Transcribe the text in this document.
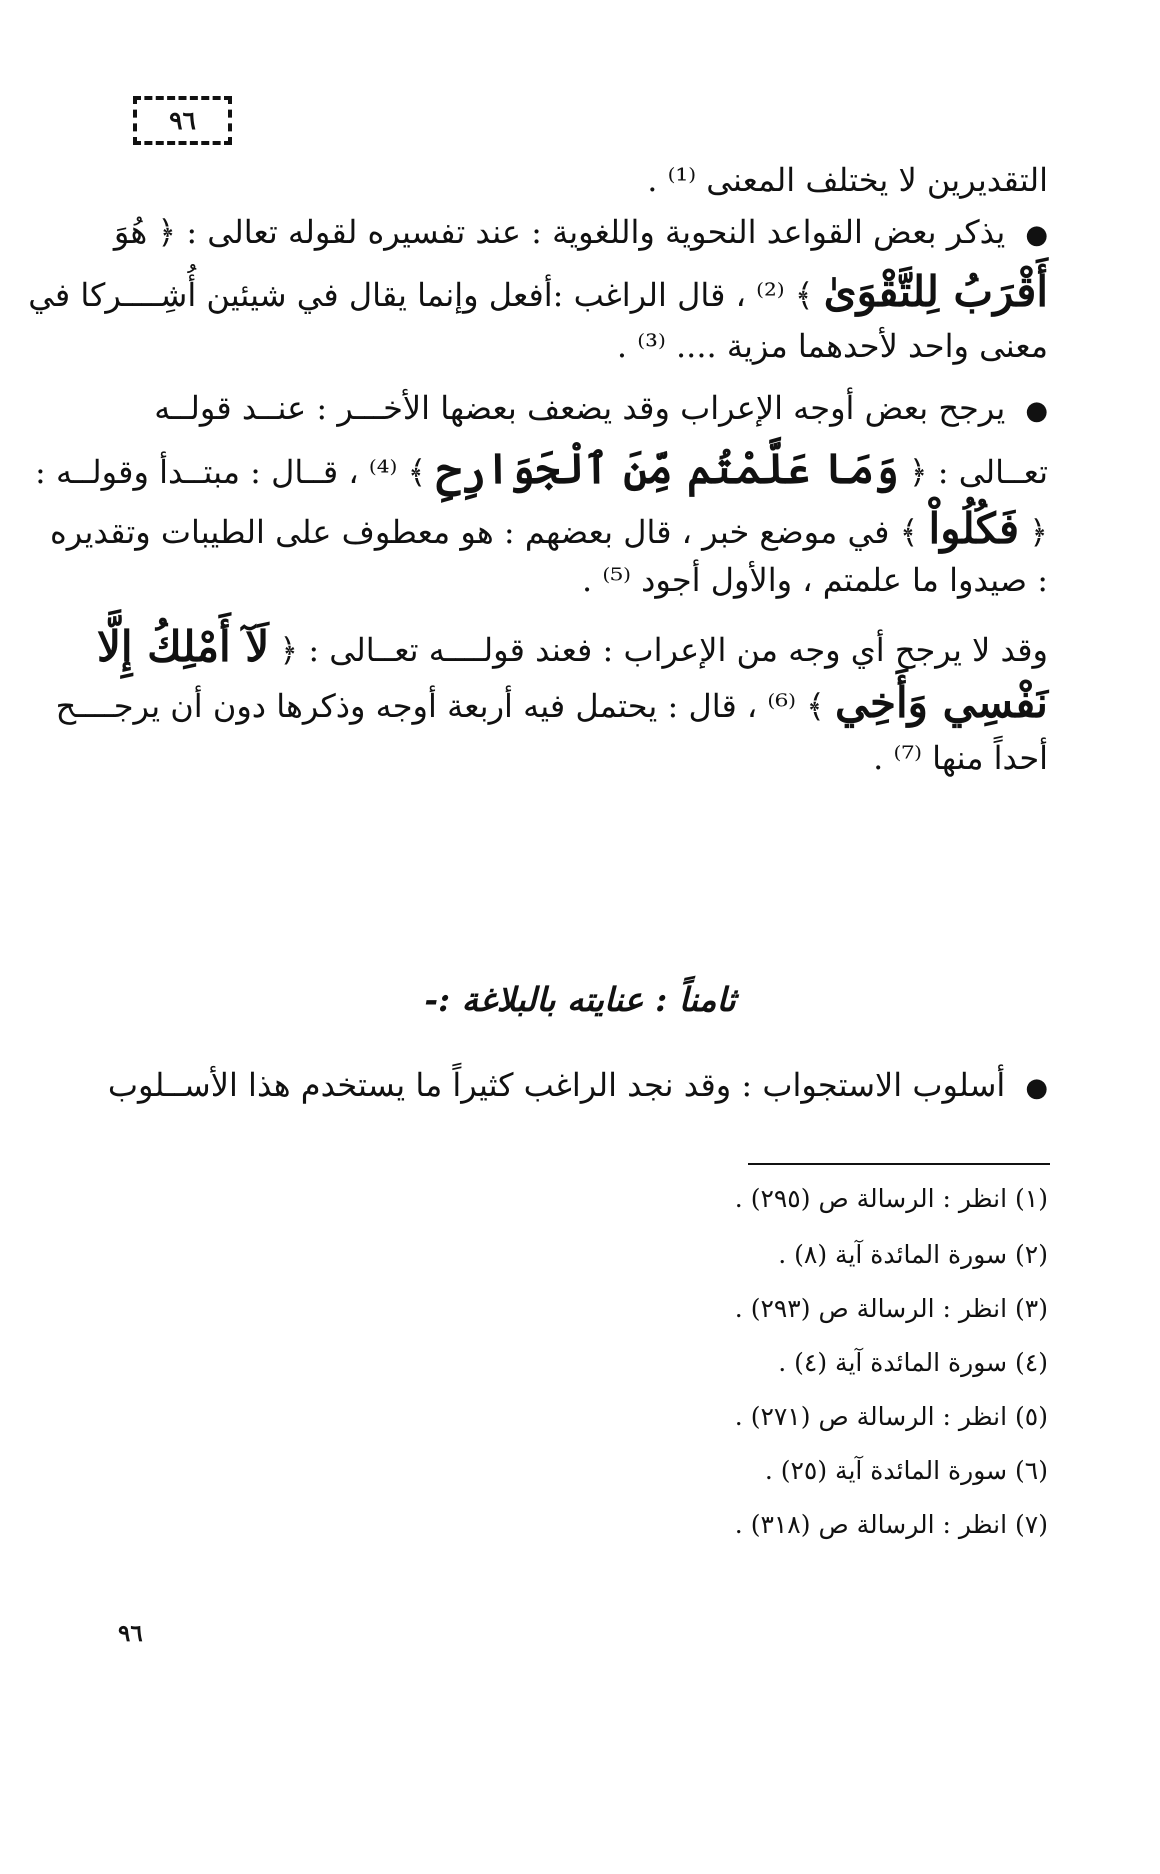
٩٦
التقديرين لا يختلف المعنى ⁽¹⁾ .
●يذكر بعض القواعد النحوية واللغوية : عند تفسيره لقوله تعالى : ﴿ هُوَ
أَقْرَبُ لِلتَّقْوَىٰ ﴾ ⁽²⁾ ، قال الراغب :أفعل وإنما يقال في شيئين أُشِــــركا في
معنى واحد لأحدهما مزية .... ⁽³⁾ .
●يرجح بعض أوجه الإعراب وقد يضعف بعضها الأخـــر : عنــد قولــه
تعــالى : ﴿ وَمَا عَلَّمْتُم مِّنَ ٱلْجَوَارِحِ ﴾ ⁽⁴⁾ ، قــال : مبتــدأ وقولــه :
﴿ فَكُلُواْ ﴾ في موضع خبر ، قال بعضهم : هو معطوف على الطيبات وتقديره
: صيدوا ما علمتم ، والأول أجود ⁽⁵⁾ .
وقد لا يرجح أي وجه من الإعراب : فعند قولــــه تعــالى : ﴿ لَآ أَمْلِكُ إِلَّا
نَفْسِي وَأَخِي ﴾ ⁽⁶⁾ ، قال : يحتمل فيه أربعة أوجه وذكرها دون أن يرجــــح
أحداً منها ⁽⁷⁾ .
●أسلوب الاستجواب : وقد نجد الراغب كثيراً ما يستخدم هذا الأســلوب
ثامناً : عنايته بالبلاغة :-
(١) انظر : الرسالة ص (٢٩٥) .
(٢) سورة المائدة آية (٨) .
(٣) انظر : الرسالة ص (٢٩٣) .
(٤) سورة المائدة آية (٤) .
(٥) انظر : الرسالة ص (٢٧١) .
(٦) سورة المائدة آية (٢٥) .
(٧) انظر : الرسالة ص (٣١٨) .
٩٦
